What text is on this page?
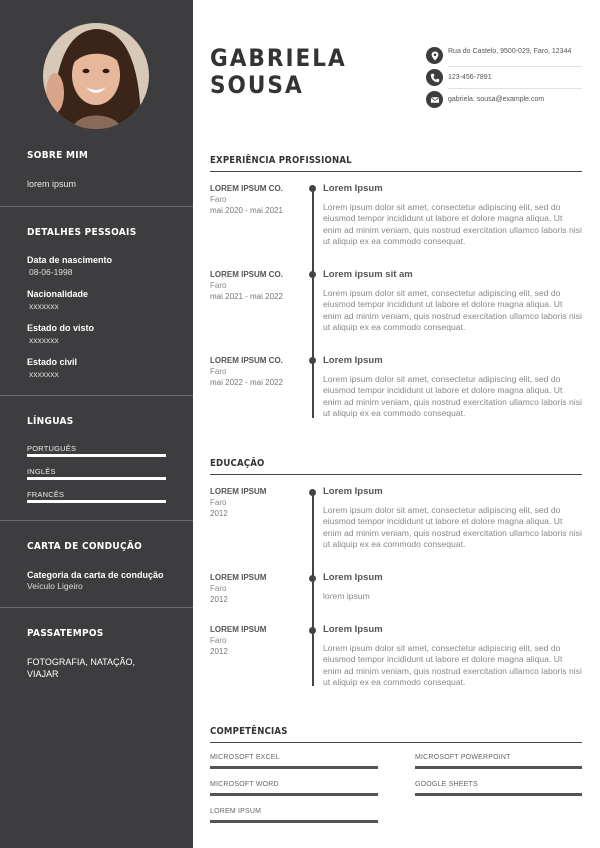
SOBRE MIM
lorem ipsum
DETALHES PESSOAIS
Data de nascimento
08-06-1998
Nacionalidade
xxxxxxx
Estado do visto
xxxxxxx
Estado civil
xxxxxxx
LÍNGUAS
PORTUGUÊS
INGLÊS
FRANCÊS
CARTA DE CONDUÇÃO
Categoria da carta de condução
Veículo Ligeiro
PASSATEMPOS
FOTOGRAFIA, NATAÇÃO, VIAJAR
GABRIELA
SOUSA
Rua do Castelo, 9500-029, Faro, 12344
123-456-7891
gabriela. sousa@example.com
EXPERIÊNCIA PROFISSIONAL
LOREM IPSUM CO.
Faro
mai 2020 - mai 2021
Lorem Ipsum
Lorem ipsum dolor sit amet, consectetur adipiscing elit, sed do eiusmod tempor incididunt ut labore et dolore magna aliqua. Ut enim ad minim veniam, quis nostrud exercitation ullamco laboris nisi ut aliquip ex ea commodo consequat.
LOREM IPSUM CO.
Faro
mai 2021 - mai 2022
Lorem ipsum sit am
Lorem ipsum dolor sit amet, consectetur adipiscing elit, sed do eiusmod tempor incididunt ut labore et dolore magna aliqua. Ut enim ad minim veniam, quis nostrud exercitation ullamco laboris nisi ut aliquip ex ea commodo consequat.
LOREM IPSUM CO.
Faro
mai 2022 - mai 2022
Lorem Ipsum
Lorem ipsum dolor sit amet, consectetur adipiscing elit, sed do eiusmod tempor incididunt ut labore et dolore magna aliqua. Ut enim ad minim veniam, quis nostrud exercitation ullamco laboris nisi ut aliquip ex ea commodo consequat.
EDUCAÇÃO
LOREM IPSUM
Faro
2012
Lorem Ipsum
Lorem ipsum dolor sit amet, consectetur adipiscing elit, sed do eiusmod tempor incididunt ut labore et dolore magna aliqua. Ut enim ad minim veniam, quis nostrud exercitation ullamco laboris nisi ut aliquip ex ea commodo consequat.
LOREM IPSUM
Faro
2012
Lorem Ipsum
lorem ipsum
LOREM IPSUM
Faro
2012
Lorem Ipsum
Lorem ipsum dolor sit amet, consectetur adipiscing elit, sed do eiusmod tempor incididunt ut labore et dolore magna aliqua. Ut enim ad minim veniam, quis nostrud exercitation ullamco laboris nisi ut aliquip ex ea commodo consequat.
COMPETÊNCIAS
MICROSOFT EXCEL	MICROSOFT POWERPOINT
MICROSOFT WORD	GOOGLE SHEETS
LOREM IPSUM
